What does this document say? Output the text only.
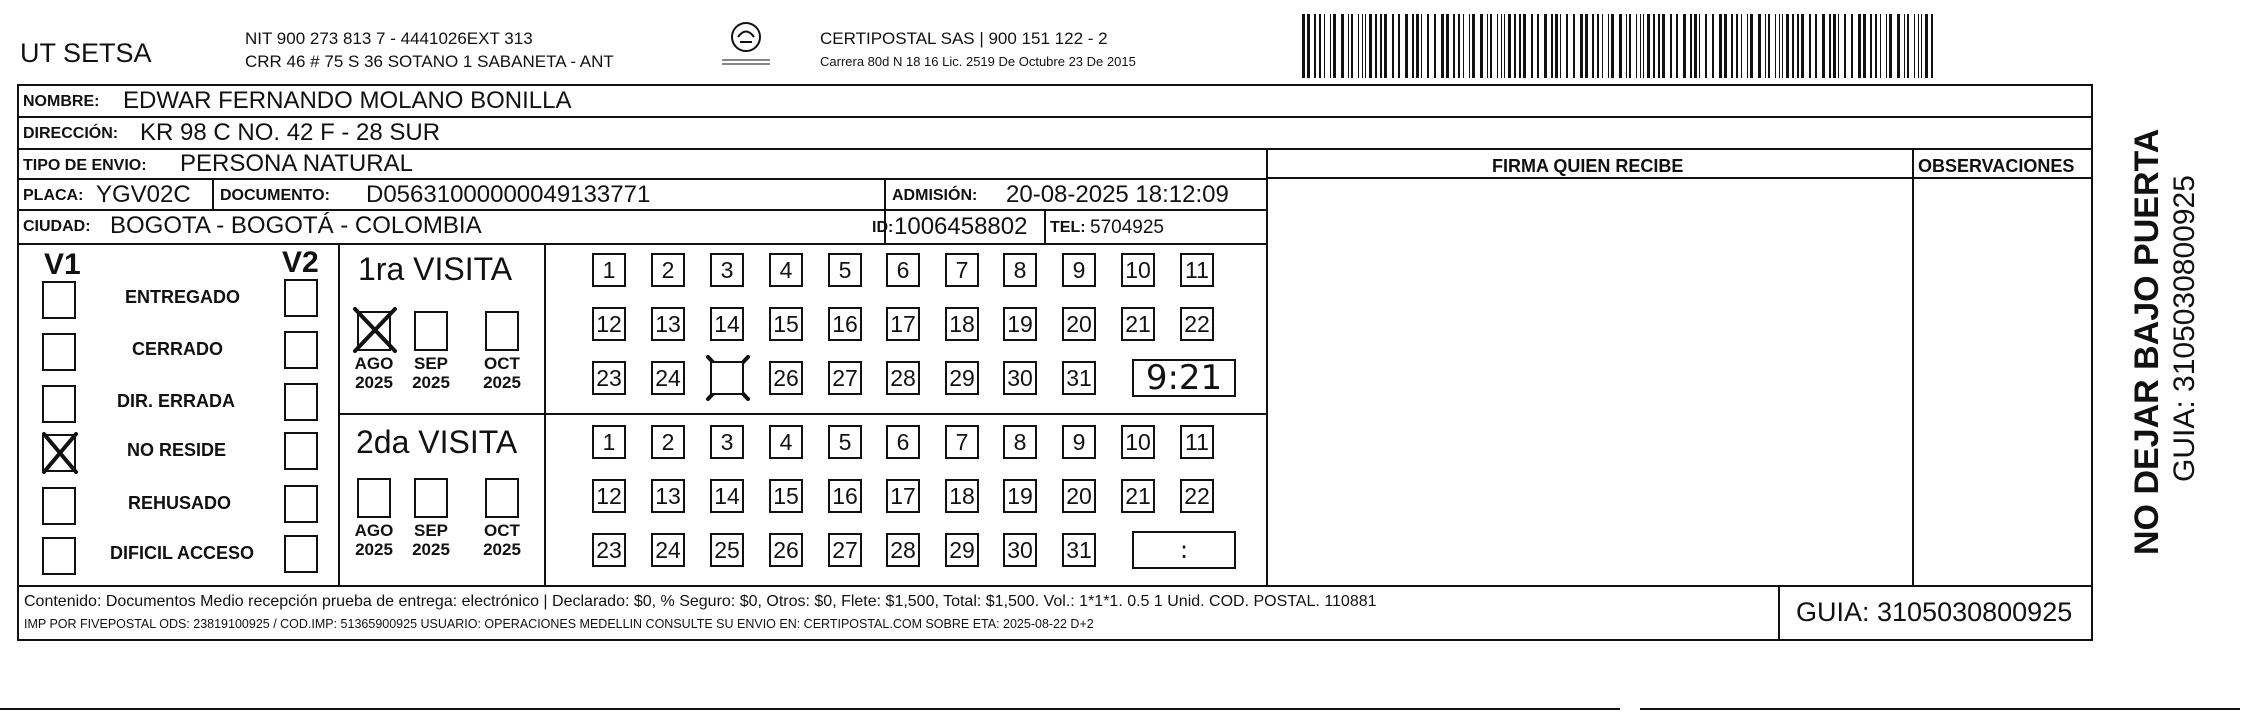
UT SETSA	NIT 900 273 813 7 - 4441026EXT 313
CRR 46 # 75 S 36 SOTANO 1 SABANETA - ANT
CERTIPOSTAL SAS | 900 151 122 - 2
Carrera 80d N 18 16 Lic. 2519 De Octubre 23 De 2015
NOMBRE: EDWAR FERNANDO MOLANO BONILLA
DIRECCIÓN: KR 98 C NO. 42 F - 28 SUR
TIPO DE ENVIO: PERSONA NATURAL
PLACA: YGV02C DOCUMENTO: D05631000000049133771	ADMISIÓN: 20-08-2025 18:12:09
CIUDAD: BOGOTA - BOGOTÁ - COLOMBIA	ID: 1006458802 TEL: 5704925
FIRMA QUIEN RECIBE	OBSERVACIONES
V1	V2
ENTREGADO
CERRADO
DIR. ERRADA
NO RESIDE
REHUSADO
DIFICIL ACCESO
1ra VISITA
2da VISITA
AGO
2025
SEP
2025
OCT
2025
1	2	3	4	5	6	7	8	9	10 11
12 13 14 15 16 17 18 19 20 21 22
23 24	26 27 28 29 30 31	9:21
AGO
2025
SEP
2025
OCT
2025
1	2	3	4	5	6	7	8	9	10 11
12 13 14 15 16 17 18 19 20 21 22
23 24 25 26 27 28 29 30 31	:
Contenido: Documentos Medio recepción prueba de entrega: electrónico | Declarado: $0, % Seguro: $0, Otros: $0, Flete: $1,500, Total: $1,500. Vol.: 1*1*1. 0.5 1 Unid. COD. POSTAL. 110881
IMP POR FIVEPOSTAL ODS: 23819100925 / COD.IMP: 51365900925 USUARIO: OPERACIONES MEDELLIN CONSULTE SU ENVIO EN: CERTIPOSTAL.COM SOBRE ETA: 2025-08-22 D+2	GUIA: 3105030800925
NO DEJAR BAJO PUERTA GUIA: 3105030800925
